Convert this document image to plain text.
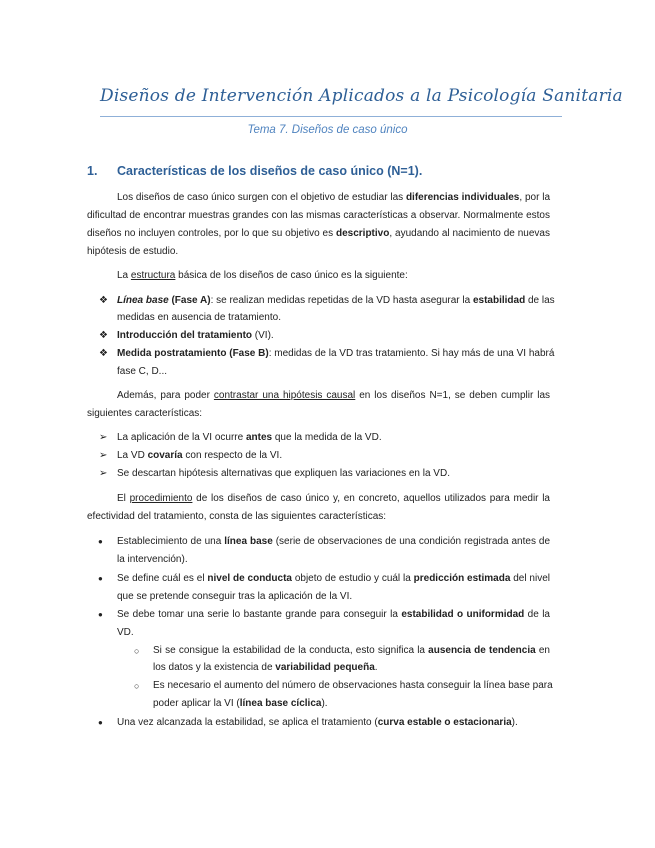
Diseños de Intervención Aplicados a la Psicología Sanitaria
Tema 7. Diseños de caso único
1. Características de los diseños de caso único (N=1).
Los diseños de caso único surgen con el objetivo de estudiar las diferencias individuales, por la
dificultad de encontrar muestras grandes con las mismas características a observar. Normalmente estos
diseños no incluyen controles, por lo que su objetivo es descriptivo, ayudando al nacimiento de nuevas
hipótesis de estudio.
La estructura básica de los diseños de caso único es la siguiente:
❖ Línea base (Fase A): se realizan medidas repetidas de la VD hasta asegurar la estabilidad de las
medidas en ausencia de tratamiento.
❖ Introducción del tratamiento (VI).
❖ Medida postratamiento (Fase B): medidas de la VD tras tratamiento. Si hay más de una VI habrá
fase C, D...
Además, para poder contrastar una hipótesis causal en los diseños N=1, se deben cumplir las
siguientes características:
➢ La aplicación de la VI ocurre antes que la medida de la VD.
➢ La VD covaría con respecto de la VI.
➢ Se descartan hipótesis alternativas que expliquen las variaciones en la VD.
El procedimiento de los diseños de caso único y, en concreto, aquellos utilizados para medir la
efectividad del tratamiento, consta de las siguientes características:
● Establecimiento de una línea base (serie de observaciones de una condición registrada antes de
la intervención).
● Se define cuál es el nivel de conducta objeto de estudio y cuál la predicción estimada del nivel
que se pretende conseguir tras la aplicación de la VI.
● Se debe tomar una serie lo bastante grande para conseguir la estabilidad o uniformidad de la
VD.
○ Si se consigue la estabilidad de la conducta, esto significa la ausencia de tendencia en
los datos y la existencia de variabilidad pequeña.
○ Es necesario el aumento del número de observaciones hasta conseguir la línea base para
poder aplicar la VI (línea base cíclica).
● Una vez alcanzada la estabilidad, se aplica el tratamiento (curva estable o estacionaria).
